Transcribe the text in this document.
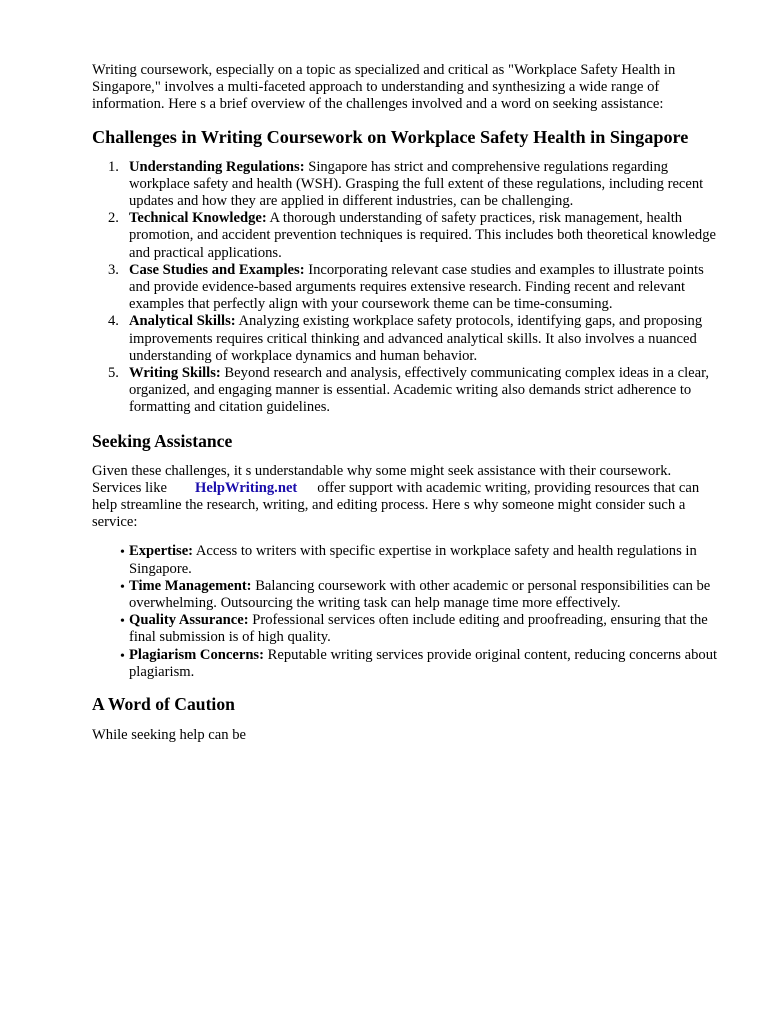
Writing coursework, especially on a topic as specialized and critical as "Workplace Safety Health in Singapore," involves a multi-faceted approach to understanding and synthesizing a wide range of information. Here s a brief overview of the challenges involved and a word on seeking assistance:

Challenges in Writing Coursework on Workplace Safety Health in Singapore
1. Understanding Regulations: Singapore has strict and comprehensive regulations regarding workplace safety and health (WSH). Grasping the full extent of these regulations, including recent updates and how they are applied in different industries, can be challenging.
2. Technical Knowledge: A thorough understanding of safety practices, risk management, health promotion, and accident prevention techniques is required. This includes both theoretical knowledge and practical applications.
3. Case Studies and Examples: Incorporating relevant case studies and examples to illustrate points and provide evidence-based arguments requires extensive research. Finding recent and relevant examples that perfectly align with your coursework theme can be time-consuming.
4. Analytical Skills: Analyzing existing workplace safety protocols, identifying gaps, and proposing improvements requires critical thinking and advanced analytical skills. It also involves a nuanced understanding of workplace dynamics and human behavior.
5. Writing Skills: Beyond research and analysis, effectively communicating complex ideas in a clear, organized, and engaging manner is essential. Academic writing also demands strict adherence to formatting and citation guidelines.
Seeking Assistance

Given these challenges, it s understandable why some might seek assistance with their coursework.
Services like HelpWriting.net offer support with academic writing, providing resources that can help streamline the research, writing, and editing process. Here s why someone might consider such a service:

• Expertise: Access to writers with specific expertise in workplace safety and health regulations in Singapore.
• Time Management: Balancing coursework with other academic or personal responsibilities can be overwhelming. Outsourcing the writing task can help manage time more effectively.
• Quality Assurance: Professional services often include editing and proofreading, ensuring that the final submission is of high quality.
• Plagiarism Concerns: Reputable writing services provide original content, reducing concerns about plagiarism.
A Word of Caution

While seeking help can be
